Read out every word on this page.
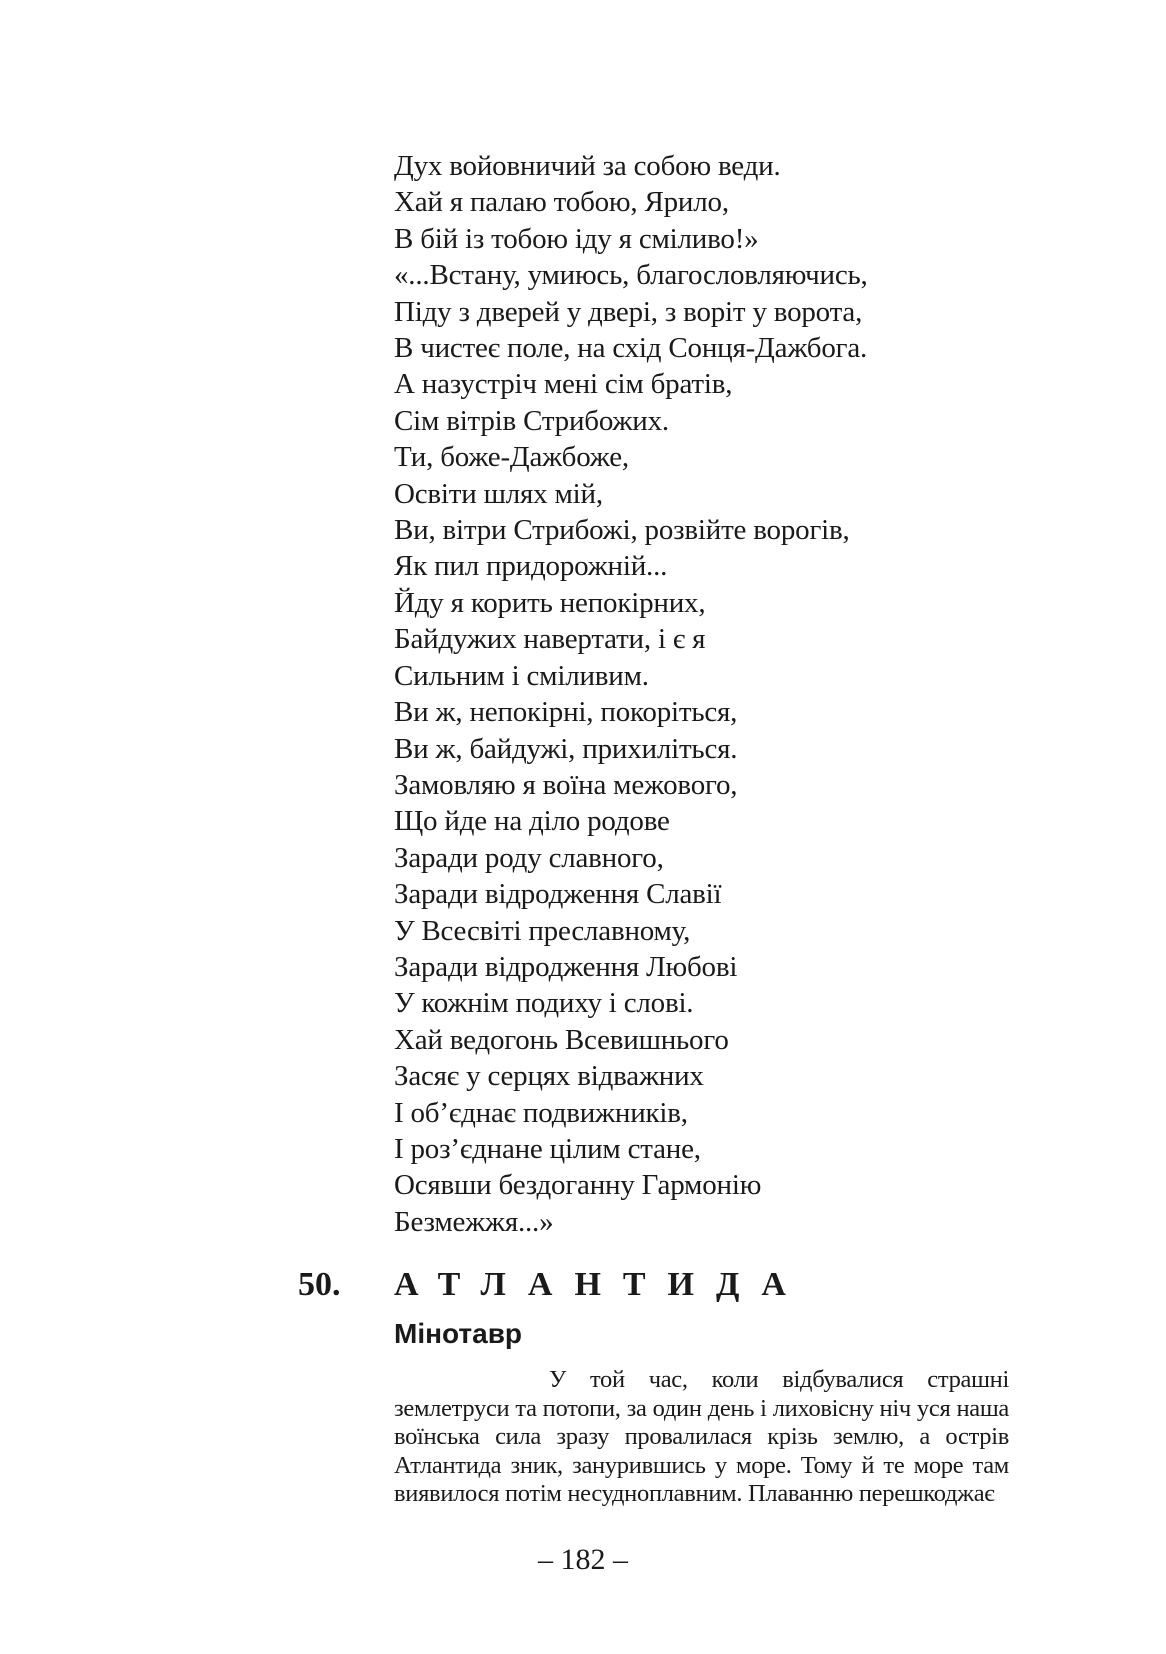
Дух войовничий за собою веди.
Хай я палаю тобою, Ярило,
В бій із тобою іду я сміливо!»
«...Встану, умиюсь, благословляючись,
Піду з дверей у двері, з воріт у ворота,
В чистеє поле, на схід Сонця-Дажбога.
А назустріч мені сім братів,
Сім вітрів Стрибожих.
Ти, боже-Дажбоже,
Освіти шлях мій,
Ви, вітри Стрибожі, розвійте ворогів,
Як пил придорожній...
Йду я корить непокірних,
Байдужих навертати, і є я
Сильним і сміливим.
Ви ж, непокірні, покоріться,
Ви ж, байдужі, прихиліться.
Замовляю я воїна межового,
Що йде на діло родове
Заради роду славного,
Заради відродження Славії
У Всесвіті преславному,
Заради відродження Любові
У кожнім подиху і слові.
Хай ведогонь Всевишнього
Засяє у серцях відважних
І об’єднає подвижників,
І роз’єднане цілим стане,
Осявши бездоганну Гармонію
Безмежжя...»
50. АТЛАНТИДА
Мінотавр

У той час, коли відбувалися страшні землетруси та потопи, за один день і лиховісну ніч уся наша воїнська сила зразу провалилася крізь землю, а острів Атлантида зник, занурившись у море. Тому й те море там виявилося потім несудноплавним. Плаванню перешкоджає

– 182 –
